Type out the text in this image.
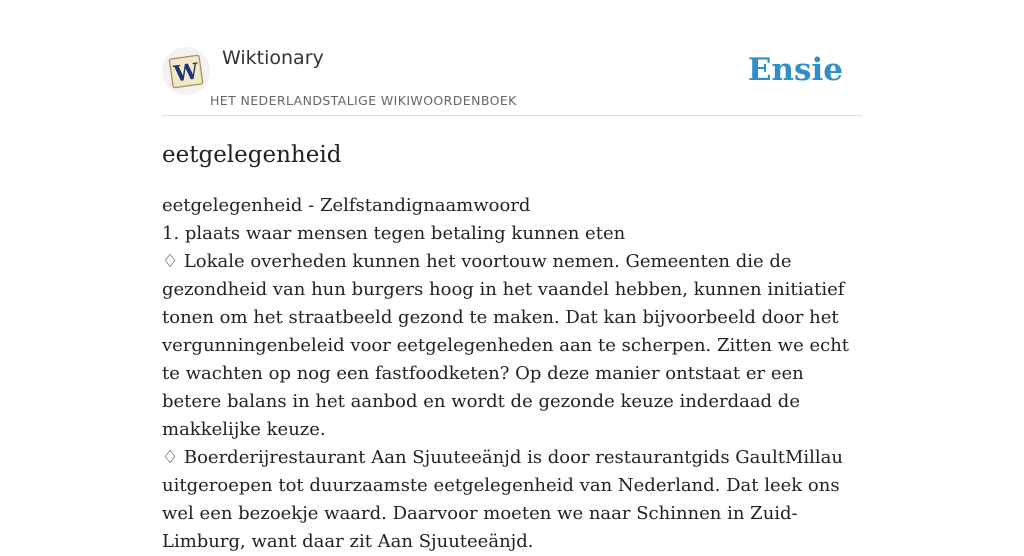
W
Wiktionary
HET NEDERLANDSTALIGE WIKIWOORDENBOEK
Ensie
eetgelegenheid
eetgelegenheid - Zelfstandignaamwoord
1. plaats waar mensen tegen betaling kunnen eten
♢ Lokale overheden kunnen het voortouw nemen. Gemeenten die de gezondheid van hun burgers hoog in het vaandel hebben, kunnen initiatief tonen om het straatbeeld gezond te maken. Dat kan bijvoorbeeld door het vergunningenbeleid voor eetgelegenheden aan te scherpen. Zitten we echt te wachten op nog een fastfoodketen? Op deze manier ontstaat er een betere balans in het aanbod en wordt de gezonde keuze inderdaad de makkelijke keuze.
♢ Boerderijrestaurant Aan Sjuuteeänjd is door restaurantgids GaultMillau uitgeroepen tot duurzaamste eetgelegenheid van Nederland. Dat leek ons wel een bezoekje waard. Daarvoor moeten we naar Schinnen in Zuid-Limburg, want daar zit Aan Sjuuteeänjd.
